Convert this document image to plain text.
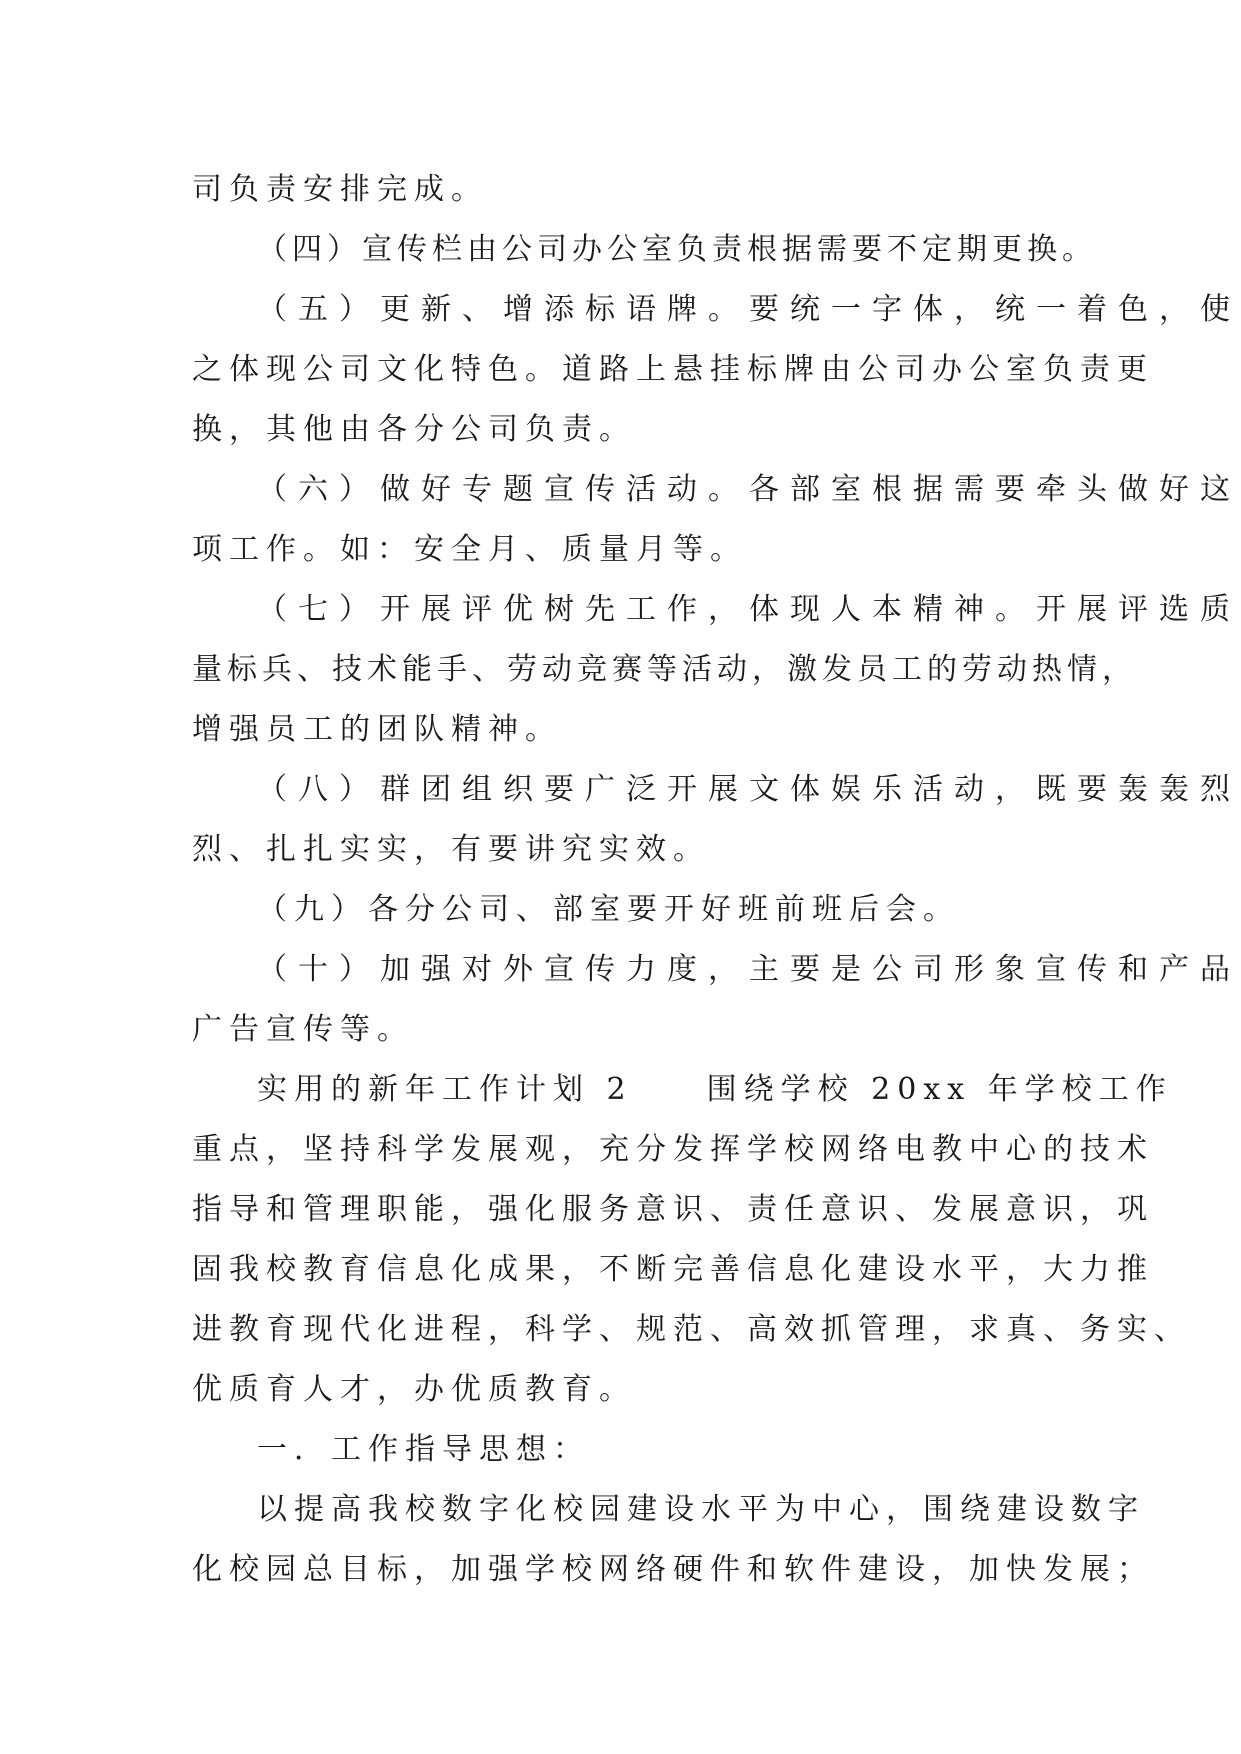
司负责安排完成。
（四）宣传栏由公司办公室负责根据需要不定期更换。
（五）更新、增添标语牌。要统一字体，统一着色，使
之体现公司文化特色。道路上悬挂标牌由公司办公室负责更
换，其他由各分公司负责。
（六）做好专题宣传活动。各部室根据需要牵头做好这
项工作。如：安全月、质量月等。
（七）开展评优树先工作，体现人本精神。开展评选质
量标兵、技术能手、劳动竞赛等活动，激发员工的劳动热情，
增强员工的团队精神。
（八）群团组织要广泛开展文体娱乐活动，既要轰轰烈
烈、扎扎实实，有要讲究实效。
（九）各分公司、部室要开好班前班后会。
（十）加强对外宣传力度，主要是公司形象宣传和产品
广告宣传等。
实用的新年工作计划 2　　围绕学校 20xx 年学校工作
重点，坚持科学发展观，充分发挥学校网络电教中心的技术
指导和管理职能，强化服务意识、责任意识、发展意识，巩
固我校教育信息化成果，不断完善信息化建设水平，大力推
进教育现代化进程，科学、规范、高效抓管理，求真、务实、
优质育人才，办优质教育。
一．工作指导思想：
以提高我校数字化校园建设水平为中心，围绕建设数字
化校园总目标，加强学校网络硬件和软件建设，加快发展；
